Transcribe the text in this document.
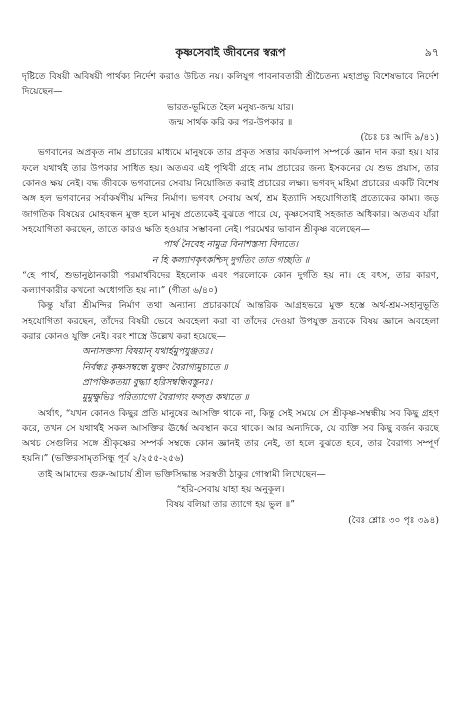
কৃষ্ণসেবাই জীবনের স্বরূপ	৯৭

দৃষ্টিতে বিষয়ী অবিষয়ী পার্থক্য নির্দেশ করাও উচিত নয়। কলিযুগ পাবনাবতারী শ্রীচৈতন্য মহাপ্রভু বিশেষভাবে নির্দেশ দিয়েছেন—

ভারত-ভূমিতে হৈল মনুষ্য-জন্ম যার।

জন্ম সার্থক করি কর পর-উপকার ॥

(চৈঃ চঃ আদি ৯/৪১)

ভগবানের অপ্রকৃত নাম প্রচারের মাধ্যমে মানুষকে তার প্রকৃত সত্তার কার্যকলাপ সম্পর্কে জ্ঞান দান করা হয়। যার ফলে যথার্থই তার উপকার সাধিত হয়। অতএব এই পৃথিবী গ্রহে নাম প্রচারের জন্য ইসকনের যে শুভ প্রয়াস, তার কোনও ক্ষয় নেই। বদ্ধ জীবকে ভগবানের সেবায় নিয়োজিত করাই প্রচারের লক্ষ্য। ভগবদ্ মহিমা প্রচারের একটি বিশেষ অঙ্গ হল ভগবানের সর্বাকর্ষণীয় মন্দির নির্মাণ। ভগবৎ সেবায় অর্থ, শ্রম ইত্যাদি সহযোগিতাই প্রত্যেকের কাম্য। জড় জাগতিক বিষয়ের মোহবন্ধন মুক্ত হলে মানুষ প্রত্যেকেই বুঝতে পারে যে, কৃষ্ণসেবাই সহজাত অধিকার। অতএব যাঁরা সহযোগিতা করছেন, তাতে কারও ক্ষতি হওয়ার সম্ভাবনা নেই। পরমেশ্বর ভাবান শ্রীকৃষ্ণ বলেছেন—

পার্থ নৈবেহ নামুত্র বিনাশস্তস্য বিদ্যতে।

ন হি কল্যাণকৃৎকশ্চিদ্ দুর্গতিং তাত গচ্ছতি ॥

“হে পার্থ, শুভানুষ্ঠানকারী পরমার্থবিদের ইহলোক এবং পরলোকে কোন দুর্গতি হয় না। হে বৎস, তার কারণ, কল্যাণকারীর কখনো অধোগতি হয় না।” (গীতা ৬/৪০)

কিন্তু যাঁরা শ্রীমন্দির নির্মাণ তথা অন্যান্য প্রচারকার্যে আন্তরিক আগ্রহভরে মুক্ত হস্তে অর্থ-শ্রম-সহানুভূতি সহযোগিতা করছেন, তাঁদের বিষয়ী ভেবে অবহেলা করা বা তাঁদের দেওয়া উপযুক্ত দ্রব্যকে বিষয় জ্ঞানে অবহেলা করার কোনও যুক্তি নেই। বরং শাস্ত্রে উল্লেখ করা হয়েছে—

অনাসক্তস্য বিষয়ান্ যথার্হমুপযুঞ্জতঃ।

নির্বন্ধঃ কৃষ্ণসম্বন্ধে যুক্তং বৈরাগ্যমুচ্যতে ॥

প্রাপঞ্চিকতয়া বুদ্ধ্যা হরিসম্বন্ধিবস্তুনঃ।

মুমুক্ষুভিঃ পরিত্যাগো বৈরাগ্যং ফল্গু কথ্যতে ॥

অর্থাৎ, “যখন কোনও কিছুর প্রতি মানুষের আসক্তি থাকে না, কিন্তু সেই সময়ে সে শ্রীকৃষ্ণ-সম্বন্ধীয় সব কিছু গ্রহণ করে, তখন সে যথার্থই সকল আসক্তির ঊর্ধ্বে অবস্থান করে থাকে। আর অন্যদিকে, যে ব্যক্তি সব কিছু বর্জন করছে অথচ সেগুলির সঙ্গে শ্রীকৃষ্ণের সম্পর্ক সম্বন্ধে কোন জ্ঞানই তার নেই, তা হলে বুঝতে হবে, তার বৈরাগ্য সম্পূর্ণ হয়নি।” (ভক্তিরসামৃতসিন্ধু পূর্ব ২/২৫৫-২৫৬)

তাই আমাদের গুরু-আচার্য শ্রীল ভক্তিসিদ্ধান্ত সরস্বতী ঠাকুর গোস্বামী লিখেছেন—

“হরি-সেবায় যাহা হয় অনুকূল।

বিষয় বলিয়া তার ত্যাগে হয় ভুল ॥”

(বৈঃ শ্লোঃ ৩০ পৃঃ ৩৯৪)
